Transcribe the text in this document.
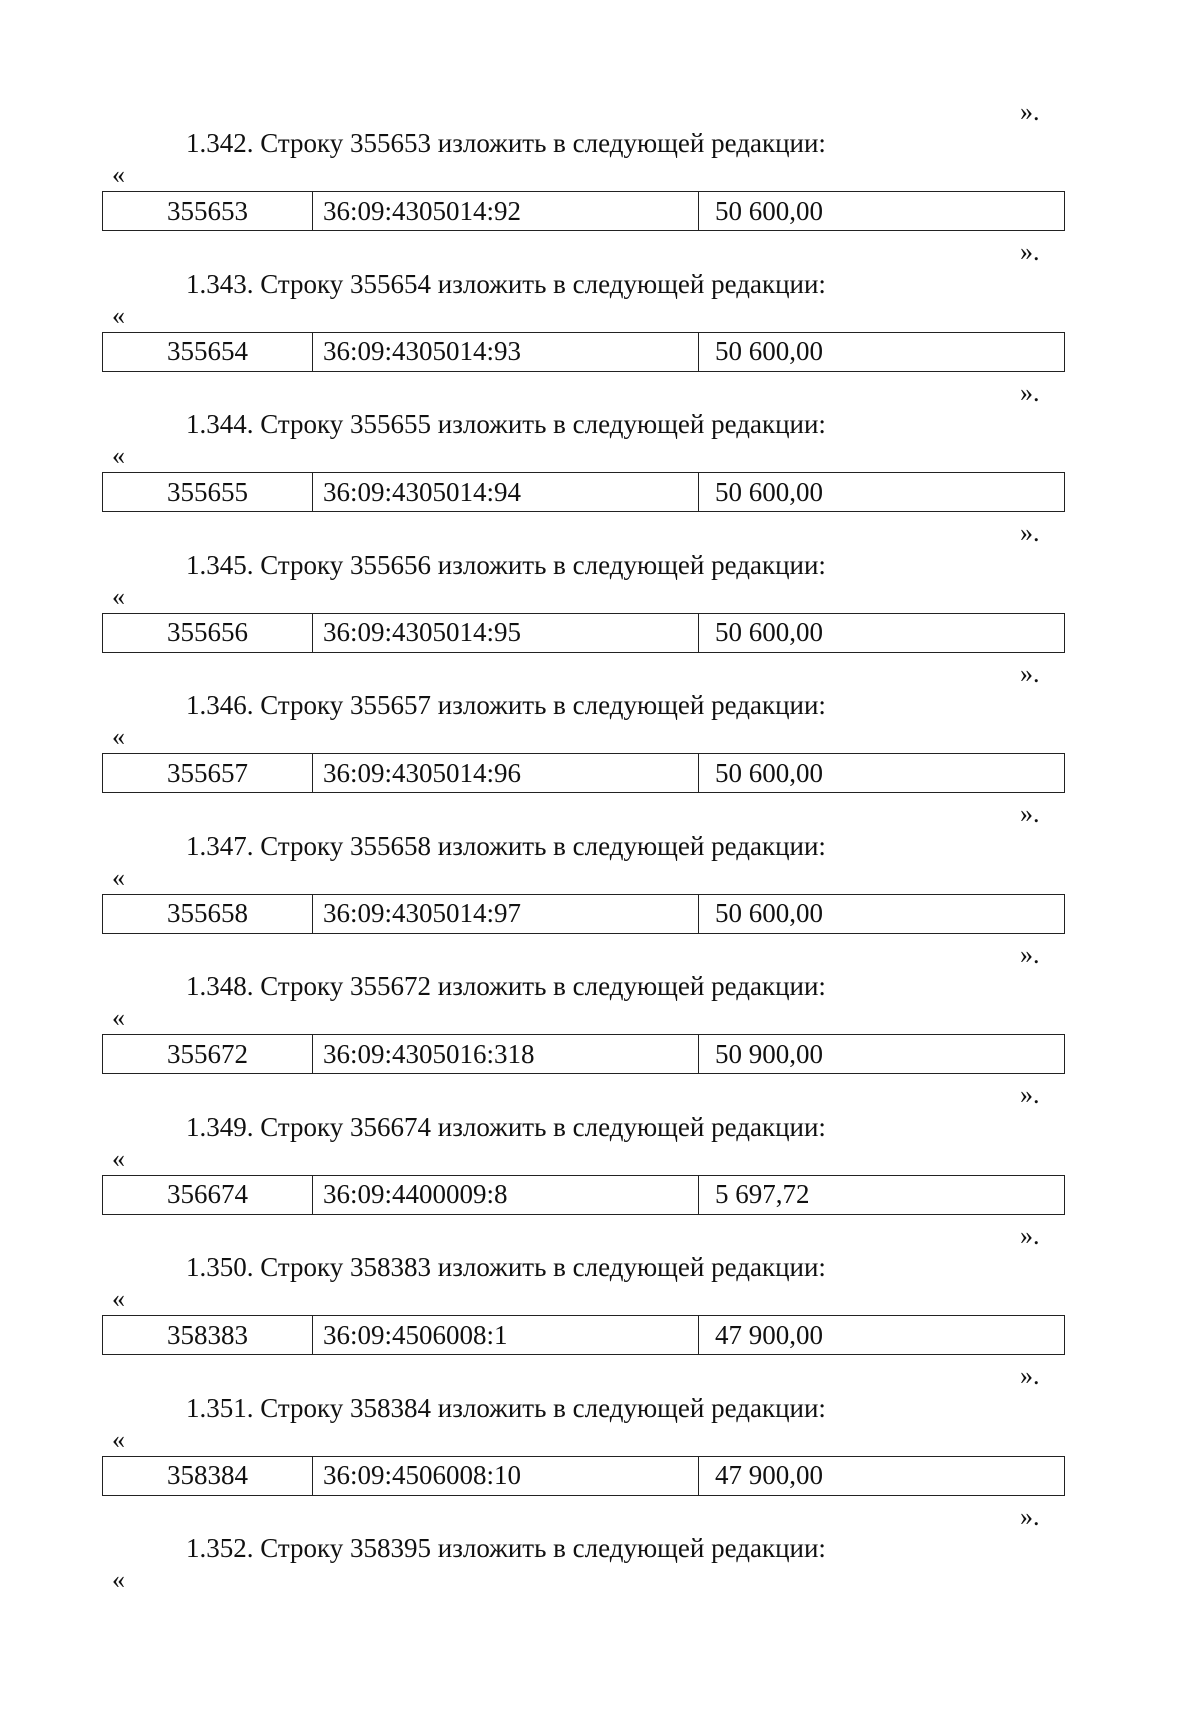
».
1.342. Строку 355653 изложить в следующей редакции:
«
355653	36:09:4305014:92	50 600,00
».
1.343. Строку 355654 изложить в следующей редакции:
«
355654	36:09:4305014:93	50 600,00
».
1.344. Строку 355655 изложить в следующей редакции:
«
355655	36:09:4305014:94	50 600,00
».
1.345. Строку 355656 изложить в следующей редакции:
«
355656	36:09:4305014:95	50 600,00
».
1.346. Строку 355657 изложить в следующей редакции:
«
355657	36:09:4305014:96	50 600,00
».
1.347. Строку 355658 изложить в следующей редакции:
«
355658	36:09:4305014:97	50 600,00
».
1.348. Строку 355672 изложить в следующей редакции:
«
355672	36:09:4305016:318	50 900,00
».
1.349. Строку 356674 изложить в следующей редакции:
«
356674	36:09:4400009:8	5 697,72
».
1.350. Строку 358383 изложить в следующей редакции:
«
358383	36:09:4506008:1	47 900,00
».
1.351. Строку 358384 изложить в следующей редакции:
«
358384	36:09:4506008:10	47 900,00
».
1.352. Строку 358395 изложить в следующей редакции:
«
